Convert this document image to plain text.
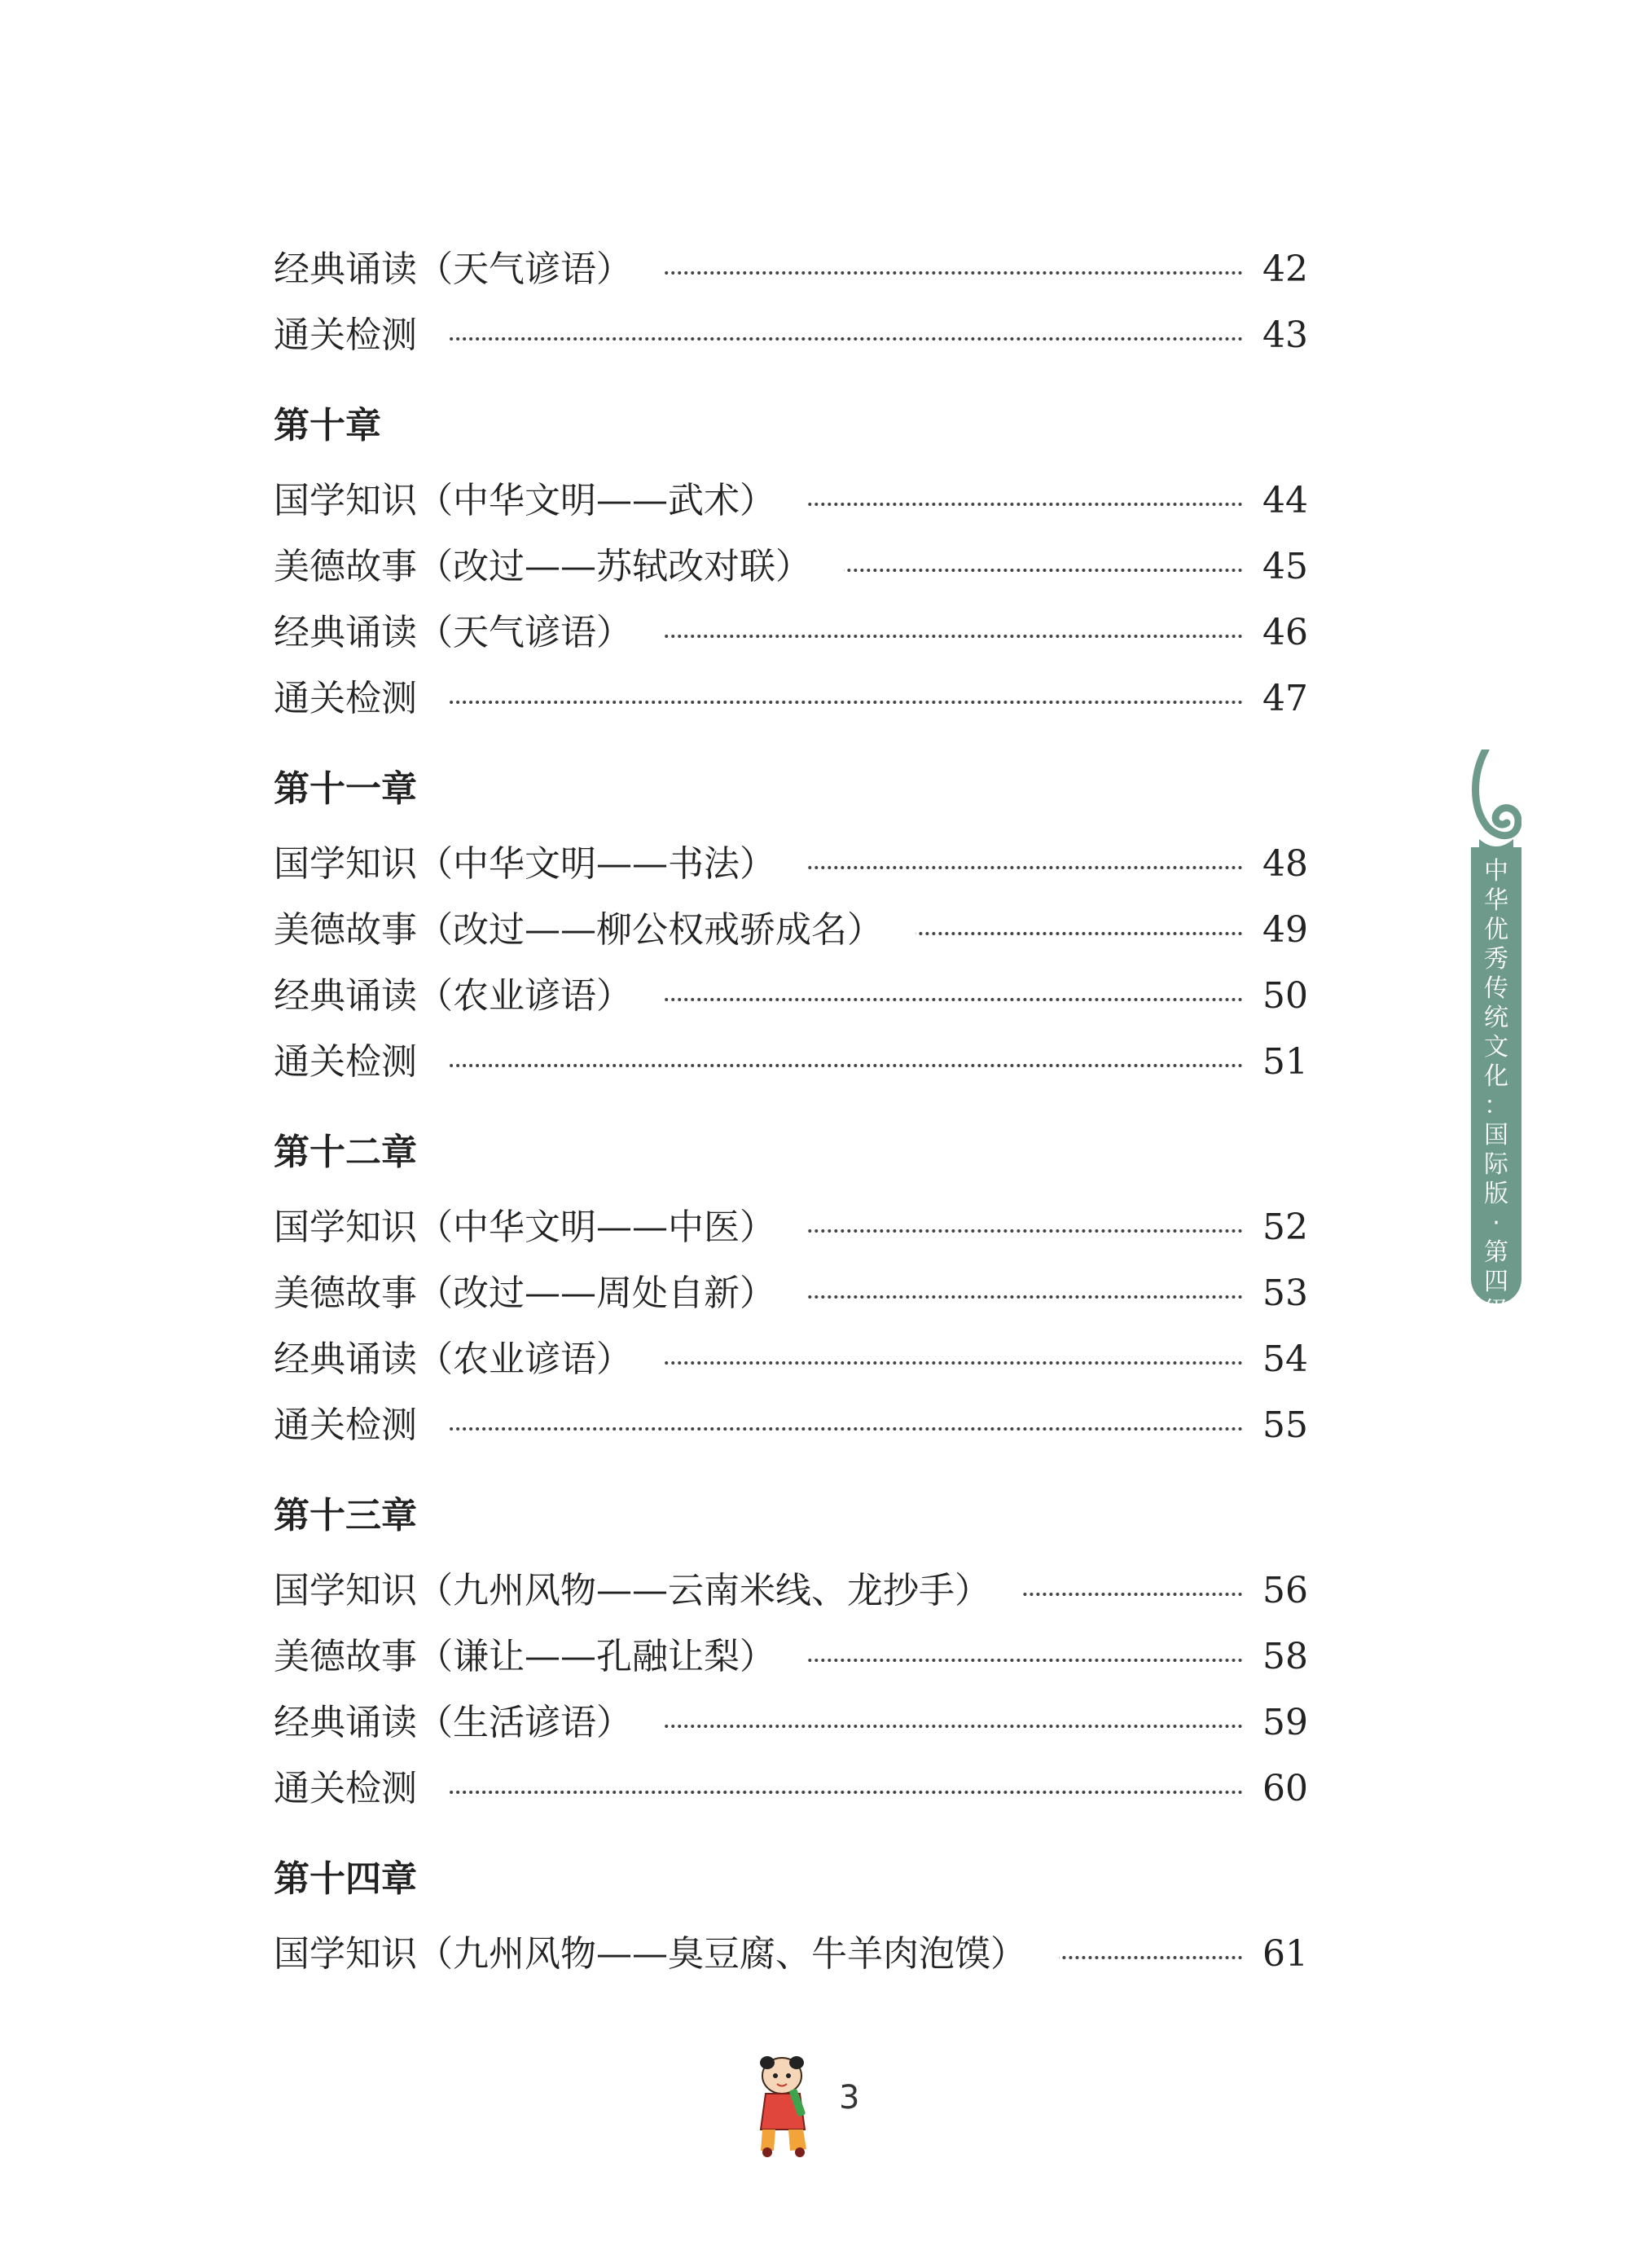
经典诵读（天气谚语）	42
通关检测	43
第十章
国学知识（中华文明——武术）	44
美德故事（改过——苏轼改对联）	45
经典诵读（天气谚语）	46
通关检测	47
第十一章
国学知识（中华文明——书法）	48
美德故事（改过——柳公权戒骄成名）	49
经典诵读（农业谚语）	50
通关检测	51
第十二章
国学知识（中华文明——中医）	52
美德故事（改过——周处自新）	53
经典诵读（农业谚语）	54
通关检测	55
第十三章
国学知识（九州风物——云南米线、龙抄手）	56
美德故事（谦让——孔融让梨）	58
经典诵读（生活谚语）	59
通关检测	60
第十四章
国学知识（九州风物——臭豆腐、牛羊肉泡馍）	61
中
华
优
秀
传
统
文
化
：
国
际
版
·
第
四
级
3
